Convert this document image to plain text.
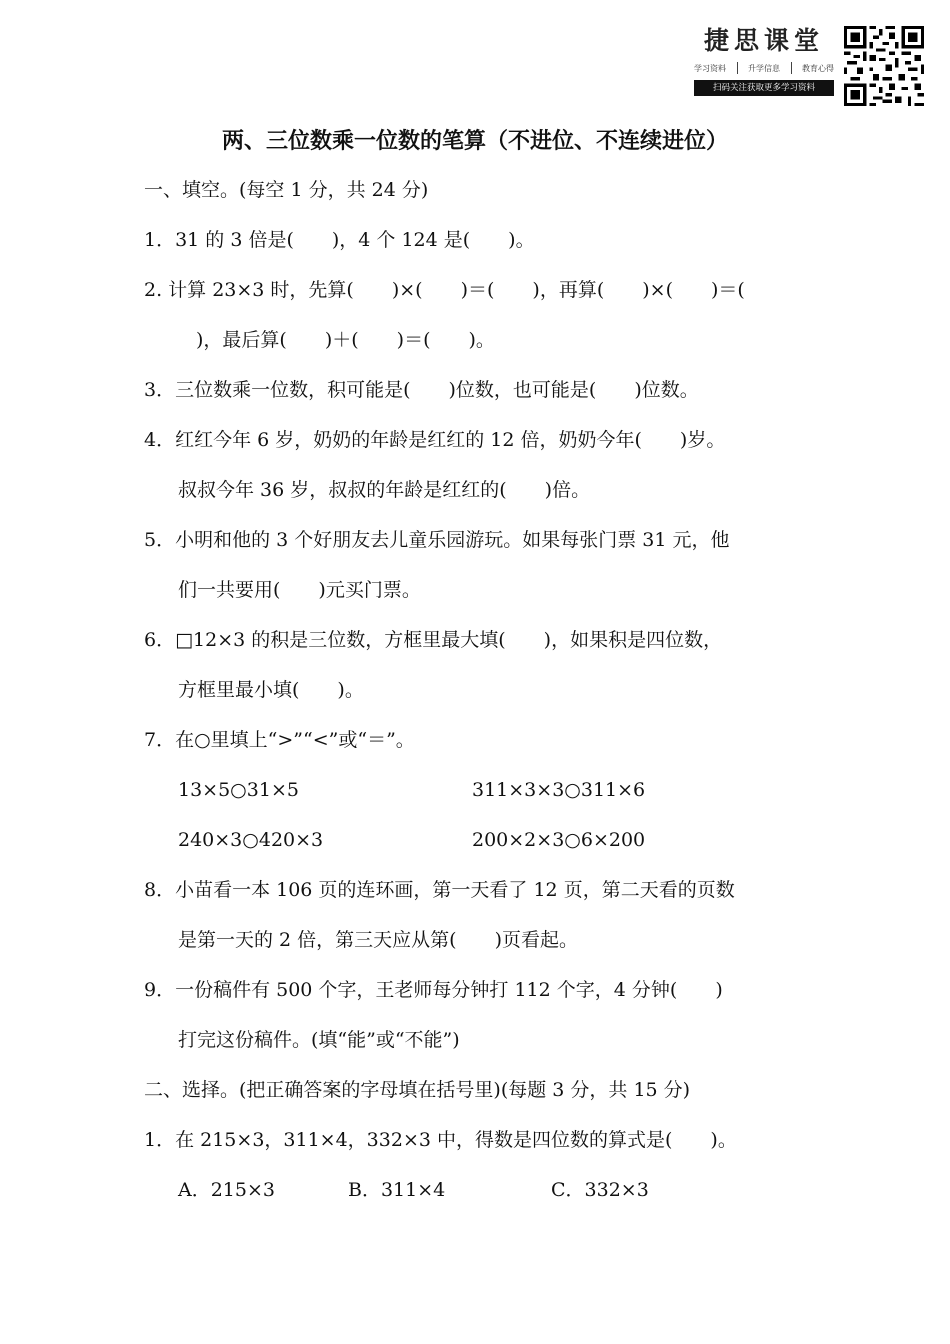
捷思课堂
学习资料	升学信息	教育心得
扫码关注获取更多学习资料
两、三位数乘一位数的笔算（不进位、不连续进位）
一、填空。(每空 1 分，共 24 分)
1．31 的 3 倍是(　　)，4 个 124 是(　　)。
2. 计算 23×3 时，先算(　　)×(　　)＝(　　)，再算(　　)×(　　)＝(
)，最后算(　　)＋(　　)＝(　　)。
3．三位数乘一位数，积可能是(　　)位数，也可能是(　　)位数。
4．红红今年 6 岁，奶奶的年龄是红红的 12 倍，奶奶今年(　　)岁。
叔叔今年 36 岁，叔叔的年龄是红红的(　　)倍。
5．小明和他的 3 个好朋友去儿童乐园游玩。如果每张门票 31 元，他
们一共要用(　　)元买门票。
6．□12×3 的积是三位数，方框里最大填(　　)，如果积是四位数，
方框里最小填(　　)。
7．在○里填上“>”“<”或“＝”。
13×5○31×5	311×3×3○311×6
240×3○420×3	200×2×3○6×200
8．小苗看一本 106 页的连环画，第一天看了 12 页，第二天看的页数
是第一天的 2 倍，第三天应从第(　　)页看起。
9．一份稿件有 500 个字，王老师每分钟打 112 个字，4 分钟(　　)
打完这份稿件。(填“能”或“不能”)
二、选择。(把正确答案的字母填在括号里)(每题 3 分，共 15 分)
1．在 215×3，311×4，332×3 中，得数是四位数的算式是(　　)。
A．215×3	B．311×4	C．332×3
